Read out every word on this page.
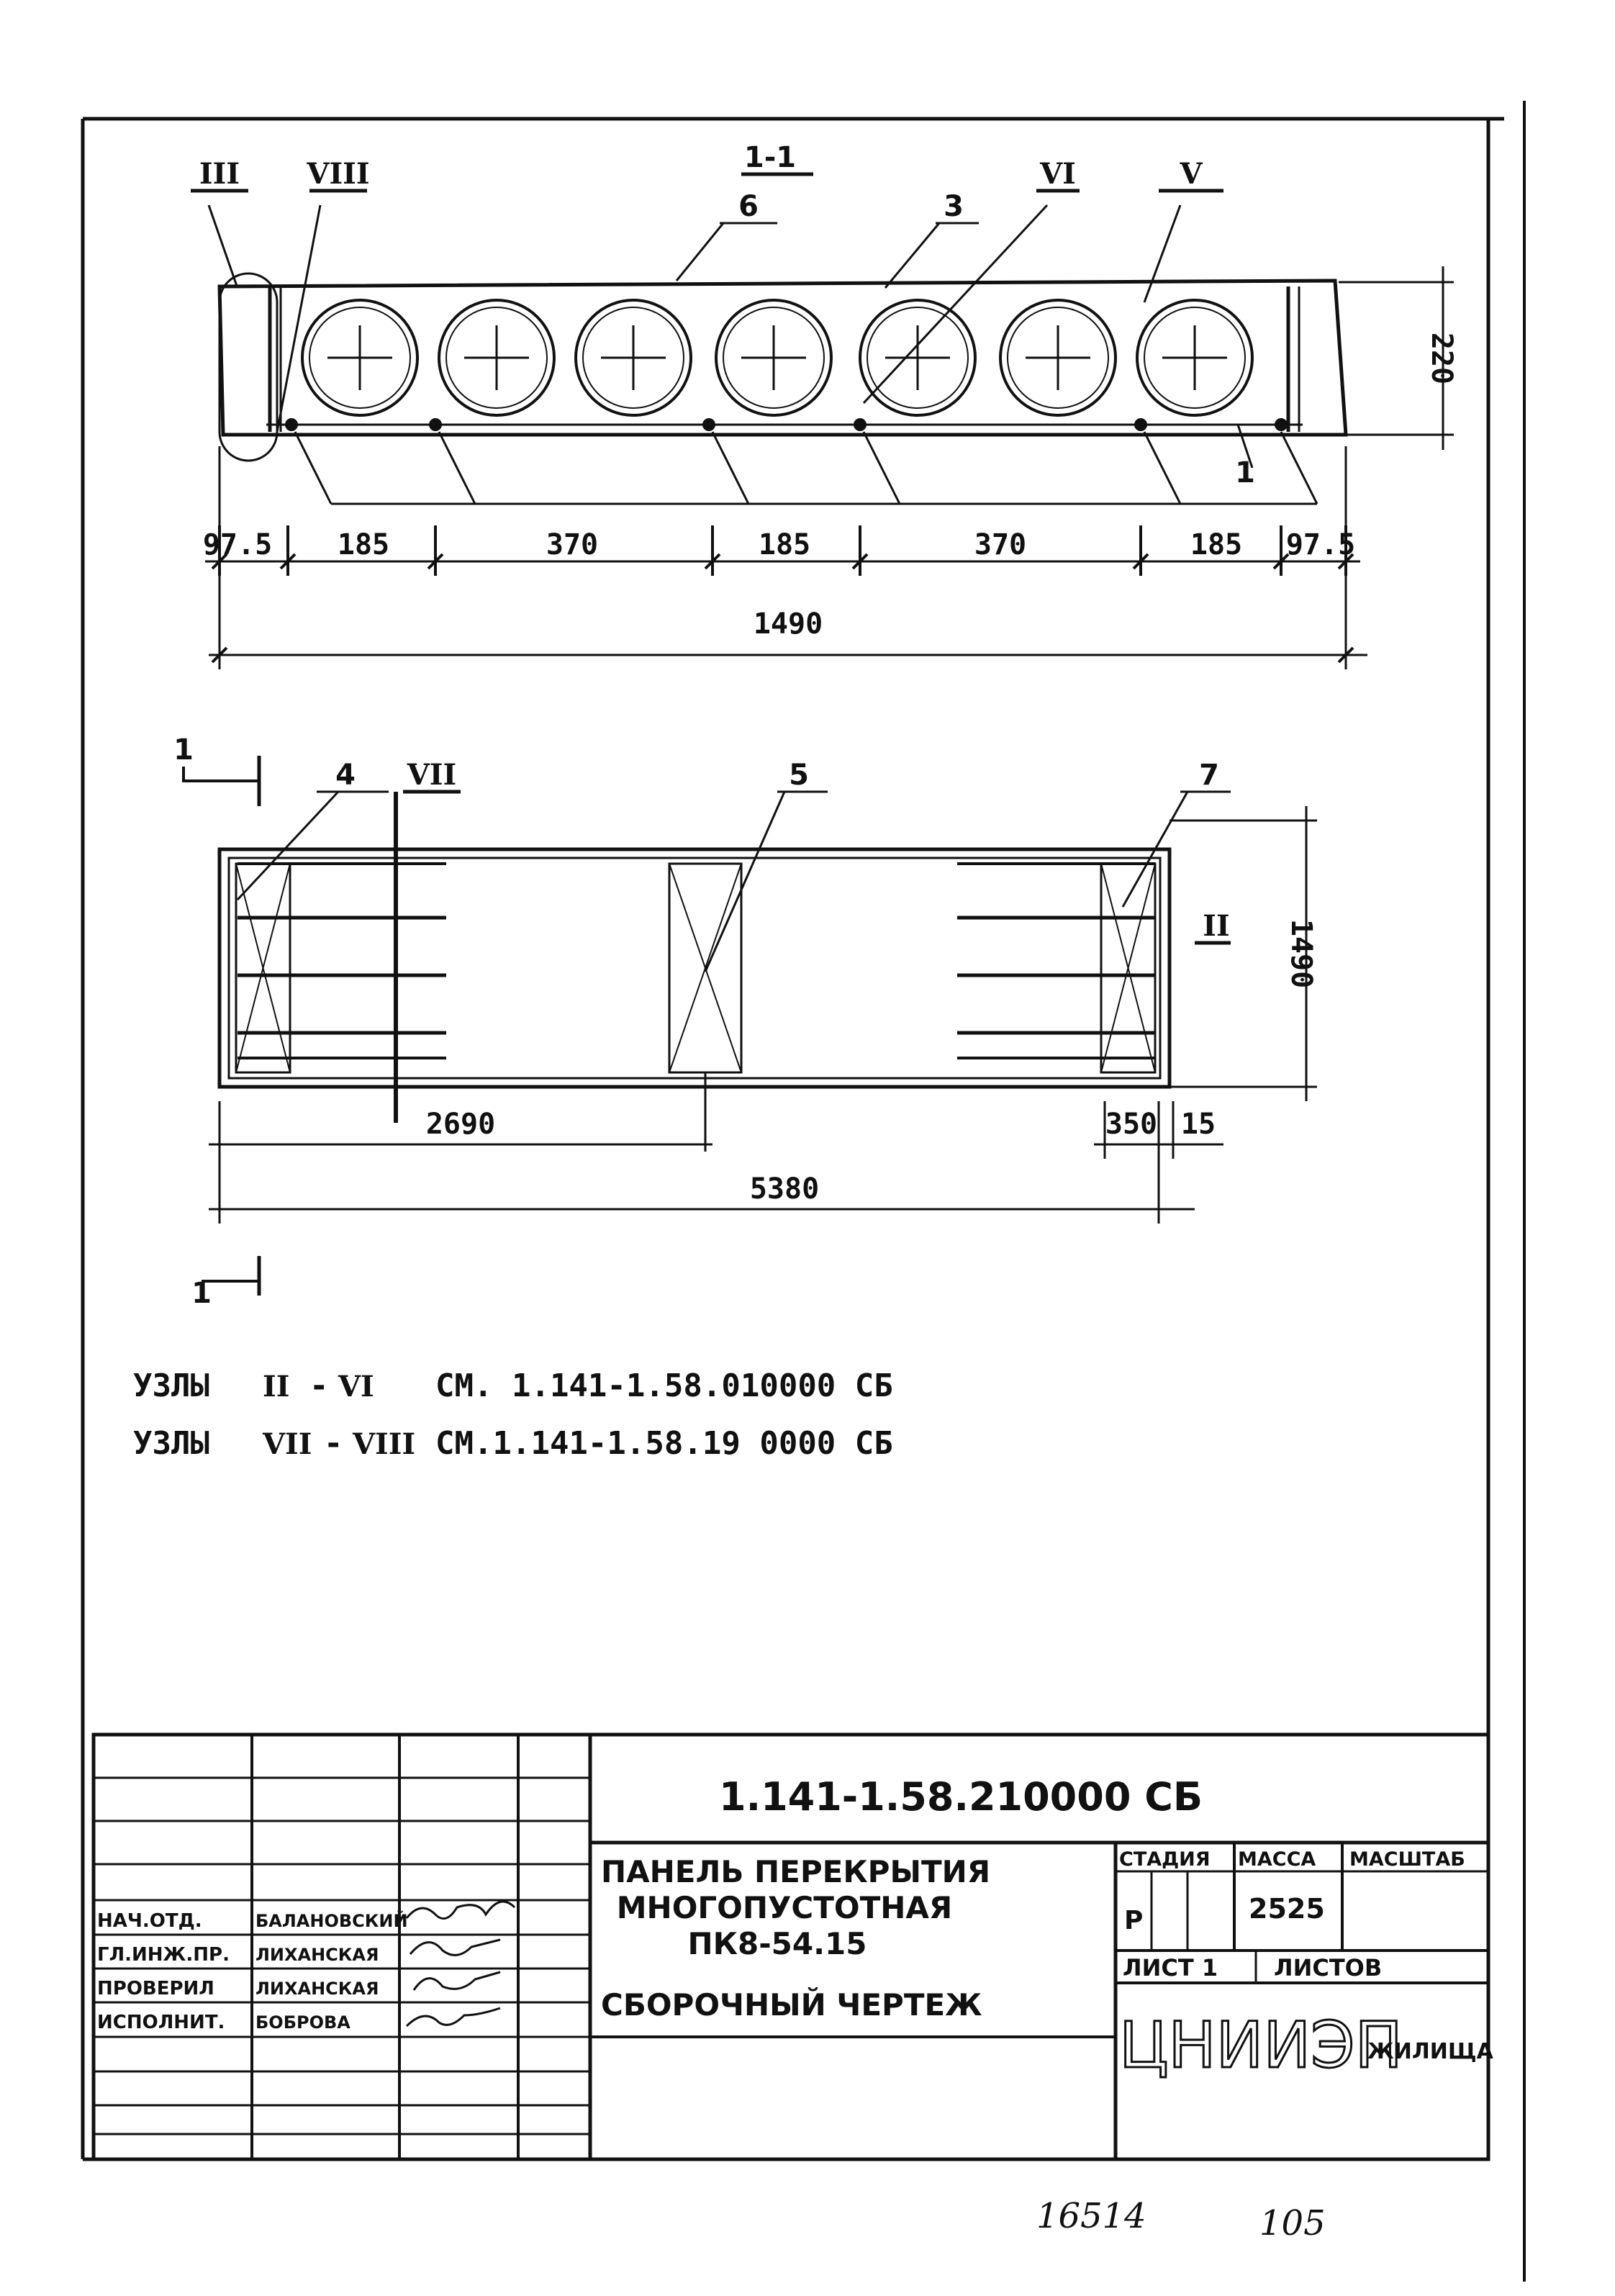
1-1
III VIII	VI	V
6	3
1
220
97.5 185	370	185	370	185 97.5
1490
1
1
VII
II
4	5	7
1490
2690	350 15
5380
УЗЛЫ II - VI СМ. 1.141-1.58.010000 СБ
УЗЛЫ VII - VIII СМ.1.141-1.58.19 0000 СБ
1.141-1.58.210000 СБ
ПАНЕЛЬ ПЕРЕКРЫТИЯ
МНОГОПУСТОТНАЯ
ПК8-54.15
СБОРОЧНЫЙ ЧЕРТЕЖ
СТАДИЯ МАССА МАСШТАБ
Р	2525
ЛИСТ 1 ЛИСТОВ
ЦНИИЭП
ЖИЛИЩА
НАЧ.ОТД.	БАЛАНОВСКИЙ
ГЛ.ИНЖ.ПР. ЛИХАНСКАЯ
ПРОВЕРИЛ ЛИХАНСКАЯ
ИСПОЛНИТ. БОБРОВА
16514	105
